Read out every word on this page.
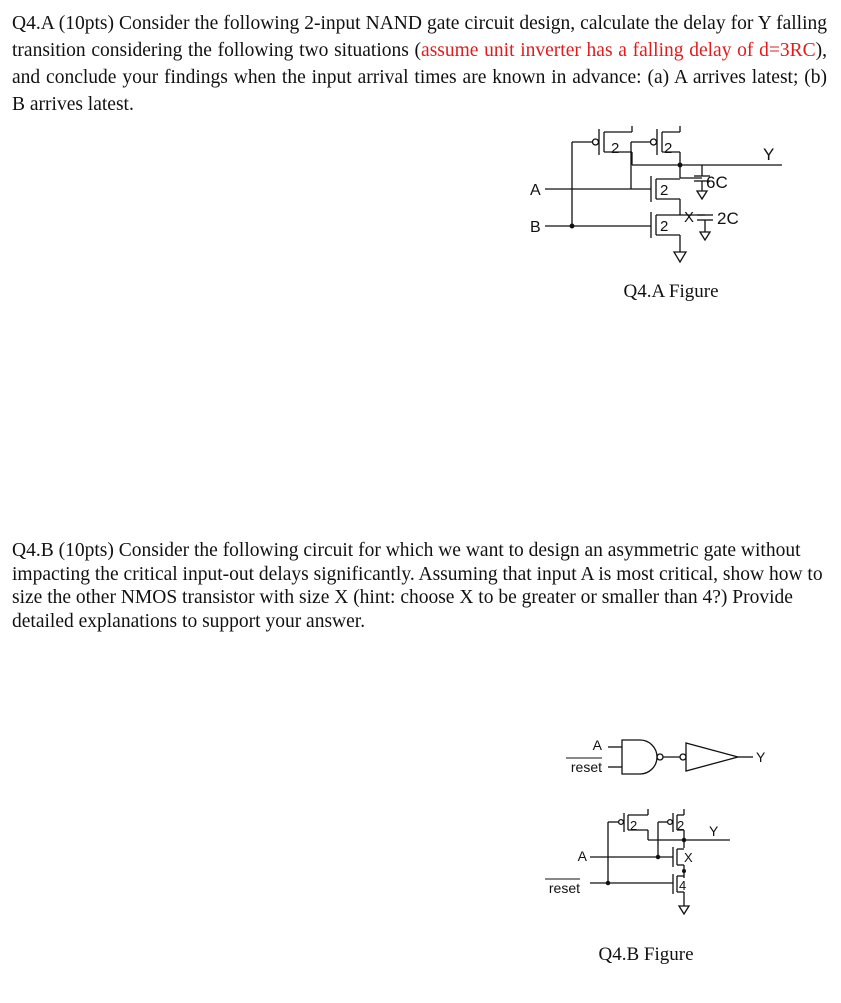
Q4.A (10pts) Consider the following 2-input NAND gate circuit design, calculate the delay for Y falling transition considering the following two situations (assume unit inverter has a falling delay of d=3RC), and conclude your findings when the input arrival times are known in advance: (a) A arrives latest; (b) B arrives latest.

2	2
2
2
Y
A
B
6C
X 2C
Q4.A Figure

Q4.B (10pts) Consider the following circuit for which we want to design an asymmetric gate without impacting the critical input-out delays significantly. Assuming that input A is most critical, show how to size the other NMOS transistor with size X (hint: choose X to be greater or smaller than 4?) Provide detailed explanations to support your answer.

A
reset
Y
2	2
X
4
Y
A
reset
Q4.B Figure
